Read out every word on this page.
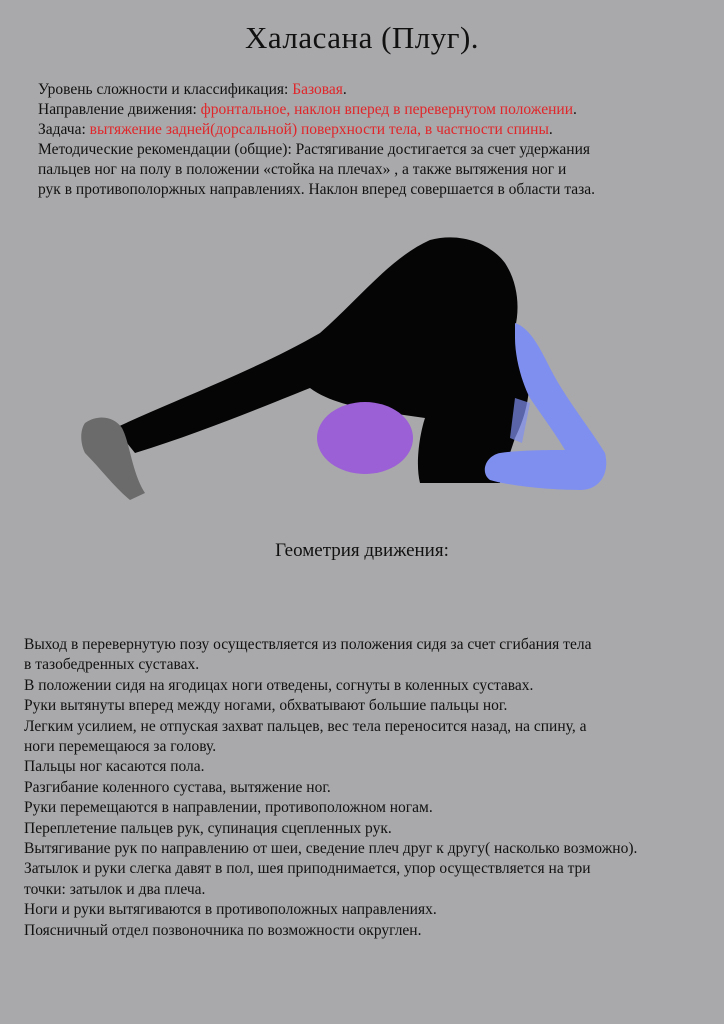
Халасана (Плуг).
Уровень сложности и классификация: Базовая.
Направление движения: фронтальное, наклон вперед в перевернутом положении.
Задача: вытяжение задней(дорсальной) поверхности тела, в частности спины.
Методические рекомендации (общие): Растягивание достигается за счет удержания
пальцев ног на полу в положении «стойка на плечах» , а также вытяжения ног и
рук в противополоржных направлениях. Наклон вперед совершается в области таза.
Геометрия движения:
Выход в перевернутую позу осуществляется из положения сидя за счет сгибания тела
в тазобедренных суставах.
В положении сидя на ягодицах ноги отведены, согнуты в коленных суставах.
Руки вытянуты вперед между ногами, обхватывают большие пальцы ног.
Легким усилием, не отпуская захват пальцев, вес тела переносится назад, на спину, а
ноги перемещаюся за голову.
Пальцы ног касаются пола.
Разгибание коленного сустава, вытяжение ног.
Руки перемещаются в направлении, противоположном ногам.
Переплетение пальцев рук, супинация сцепленных рук.
Вытягивание рук по направлению от шеи, сведение плеч друг к другу( насколько возможно).
Затылок и руки слегка давят в пол, шея приподнимается, упор осуществляется на три
точки: затылок и два плеча.
Ноги и руки вытягиваются в противоположных направлениях.
Поясничный отдел позвоночника по возможности округлен.
